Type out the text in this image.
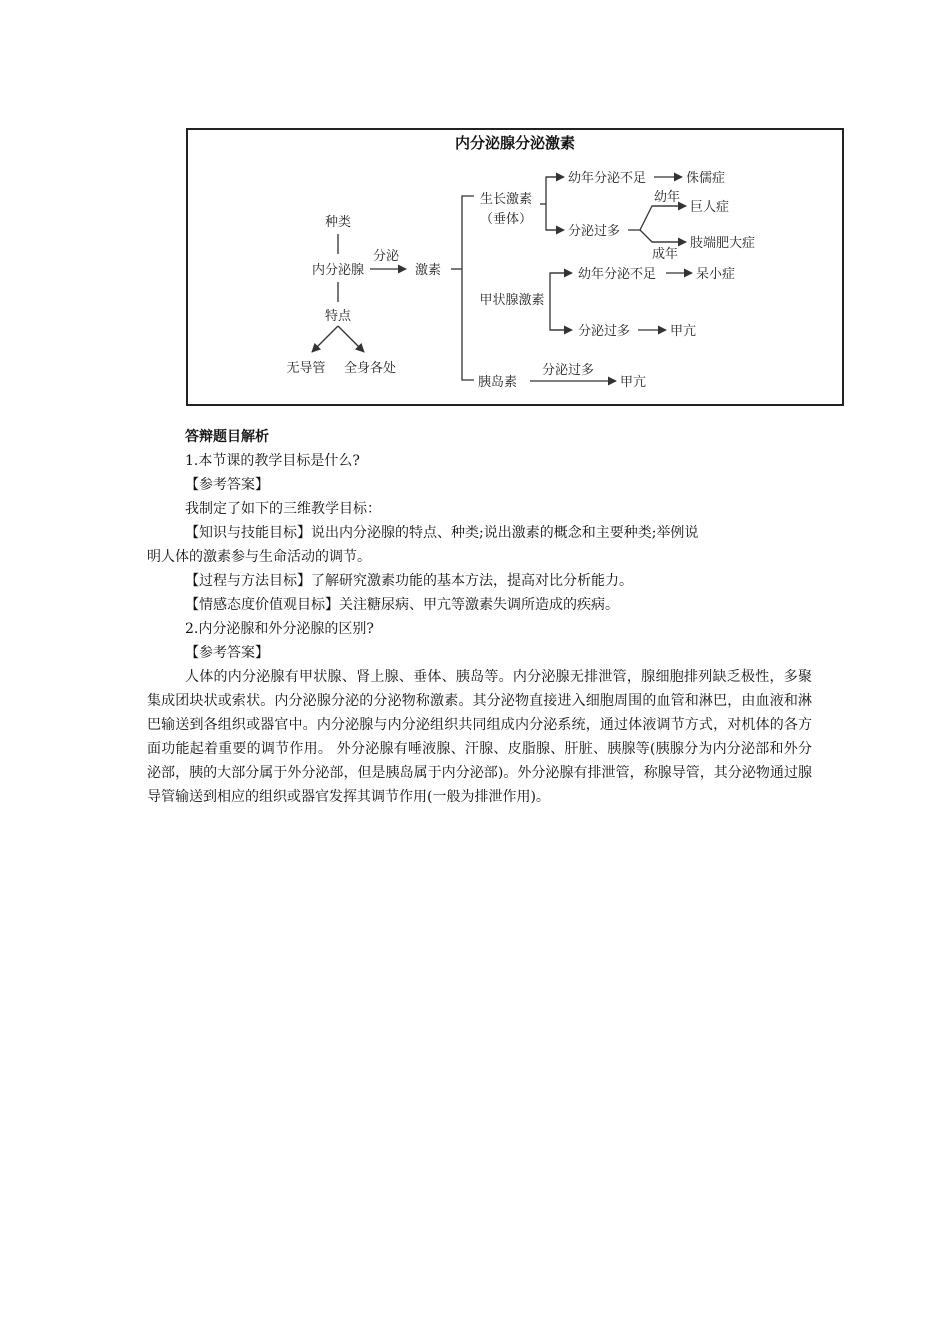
内分泌腺分泌激素
种类
内分泌腺
分泌
激素
特点
无导管 全身各处
生长激素
（垂体）
幼年分泌不足	侏儒症
分泌过多
幼年
巨人症
成年
肢端肥大症
甲状腺激素
幼年分泌不足	呆小症
分泌过多	甲亢
胰岛素
分泌过多
甲亢
答辩题目解析
1.本节课的教学目标是什么?
【参考答案】
我制定了如下的三维教学目标：
【知识与技能目标】说出内分泌腺的特点、种类;说出激素的概念和主要种类;举例说
明人体的激素参与生命活动的调节。
【过程与方法目标】了解研究激素功能的基本方法，提高对比分析能力。
【情感态度价值观目标】关注糖尿病、甲亢等激素失调所造成的疾病。
2.内分泌腺和外分泌腺的区别?
【参考答案】

人体的内分泌腺有甲状腺、肾上腺、垂体、胰岛等。内分泌腺无排泄管，腺细胞排列缺乏极性，多聚集成团块状或索状。内分泌腺分泌的分泌物称激素。其分泌物直接进入细胞周围的血管和淋巴，由血液和淋巴输送到各组织或器官中。内分泌腺与内分泌组织共同组成内分泌系统，通过体液调节方式，对机体的各方面功能起着重要的调节作用。 外分泌腺有唾液腺、汗腺、皮脂腺、肝脏、胰腺等(胰腺分为内分泌部和外分泌部，胰的大部分属于外分泌部，但是胰岛属于内分泌部)。外分泌腺有排泄管，称腺导管，其分泌物通过腺导管输送到相应的组织或器官发挥其调节作用(一般为排泄作用)。
